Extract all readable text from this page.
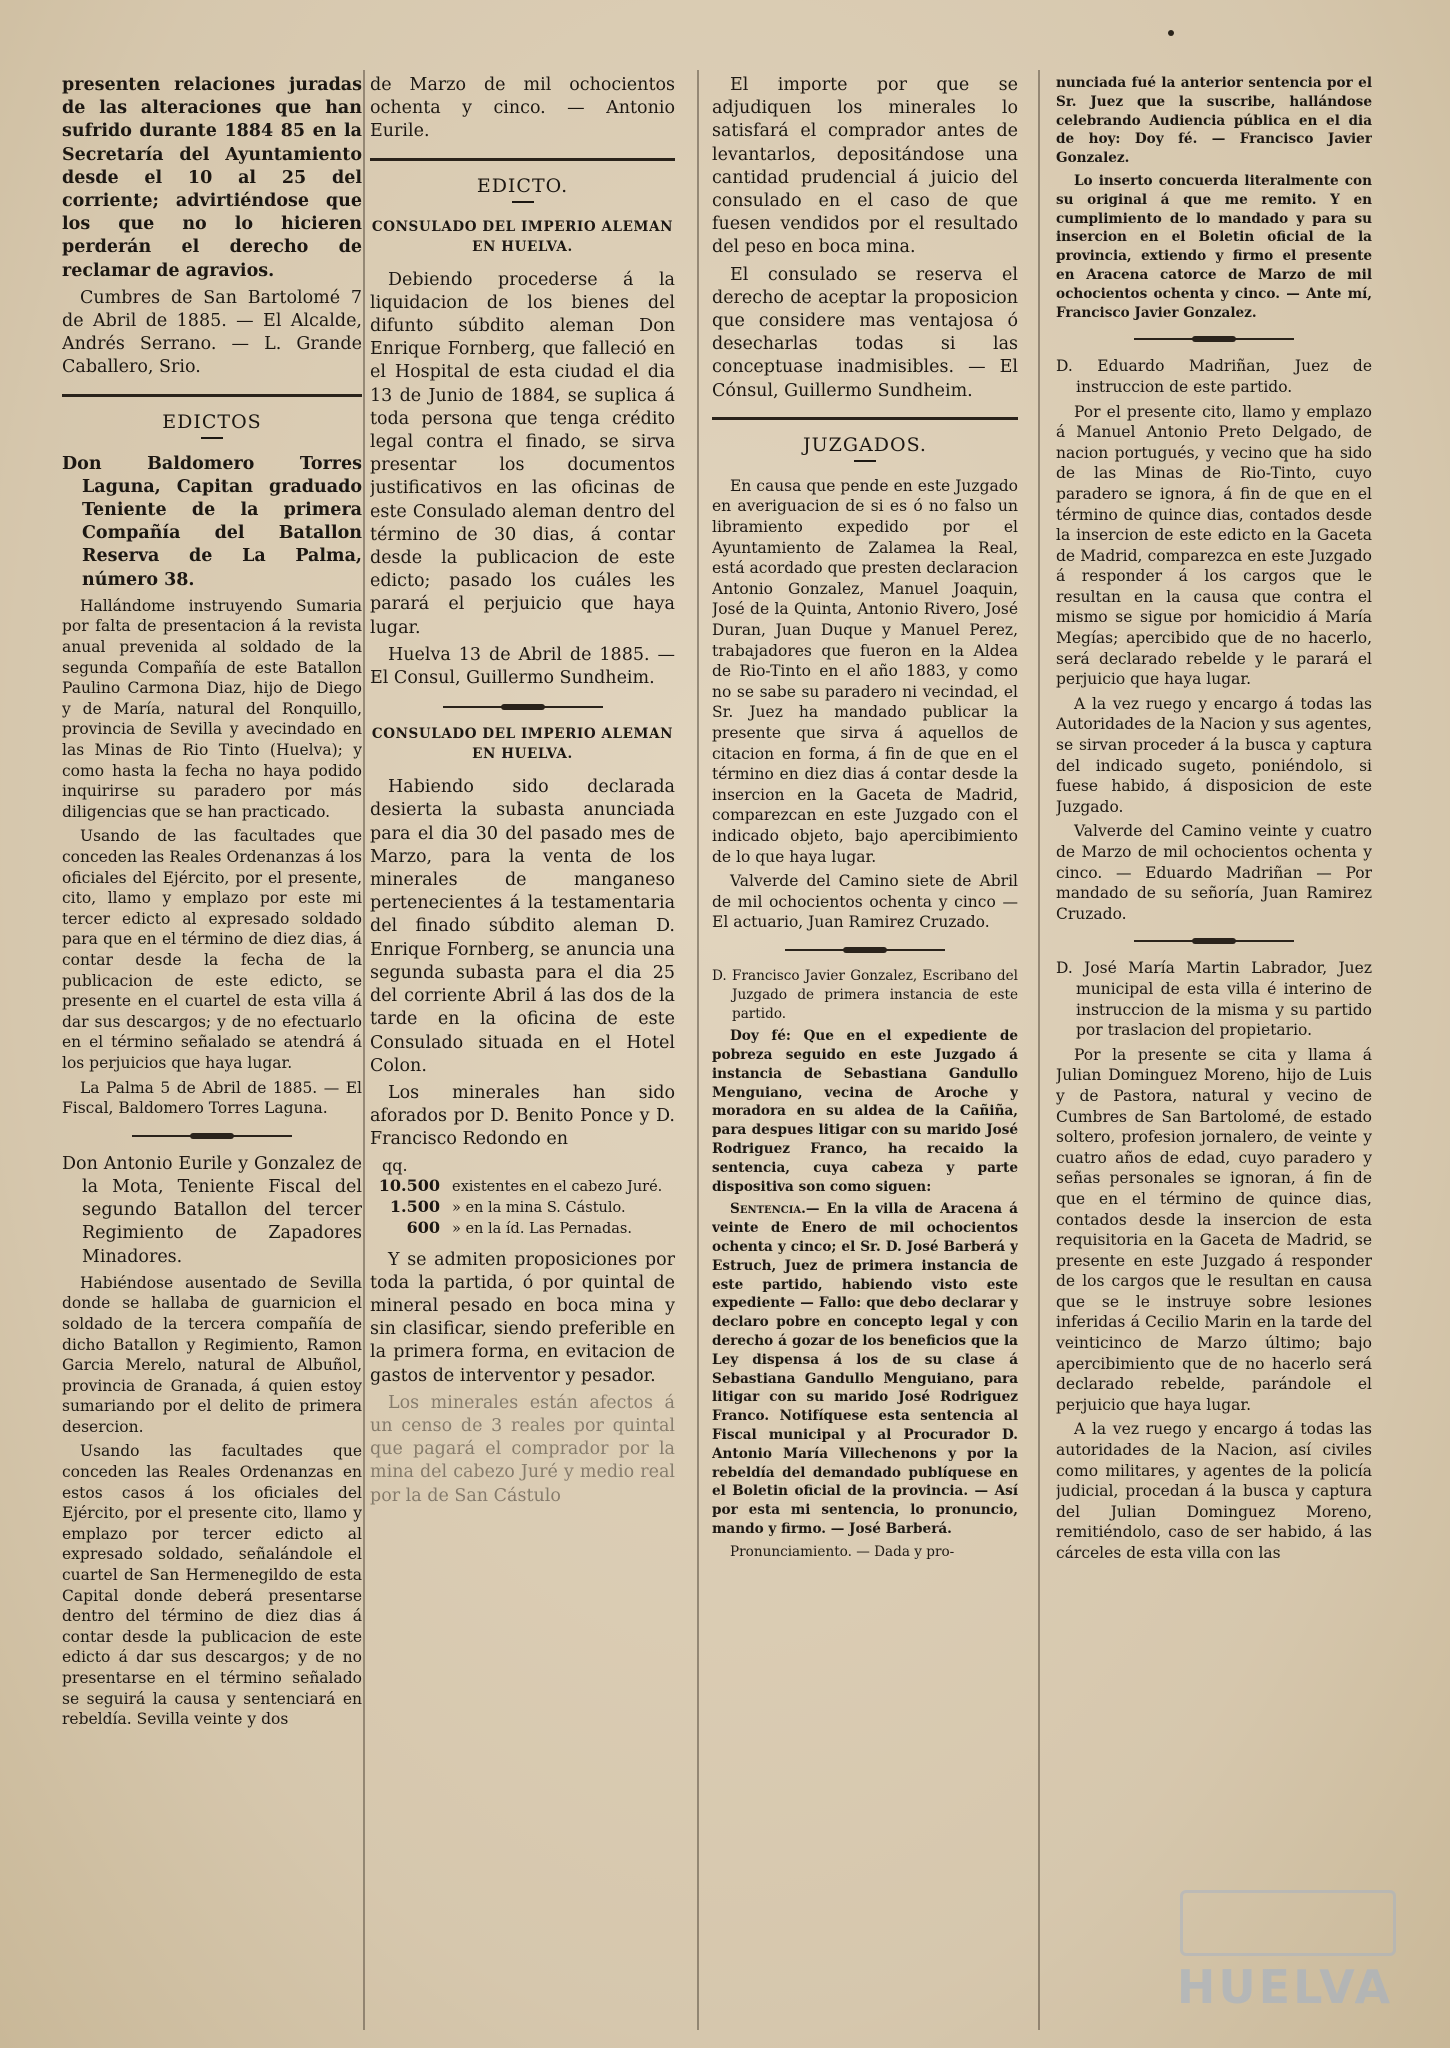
presenten relaciones juradas de las alteraciones que han sufrido durante 1884 85 en la Secretaría del Ayuntamiento desde el 10 al 25 del corriente; advirtiéndose que los que no lo hicieren perderán el derecho de reclamar de agravios.

Cumbres de San Bartolomé 7 de Abril de 1885. — El Alcalde, Andrés Serrano. — L. Grande Caballero, Srio.

EDICTOS

Don Baldomero Torres Laguna, Capitan graduado Teniente de la primera Compañía del Batallon Reserva de La Palma, número 38.

Hallándome instruyendo Sumaria por falta de presentacion á la revista anual prevenida al soldado de la segunda Compañía de este Batallon Paulino Carmona Diaz, hijo de Diego y de María, natural del Ronquillo, provincia de Sevilla y avecindado en las Minas de Rio Tinto (Huelva); y como hasta la fecha no haya podido inquirirse su paradero por más diligencias que se han practicado.

Usando de las facultades que conceden las Reales Ordenanzas á los oficiales del Ejército, por el presente, cito, llamo y emplazo por este mi tercer edicto al expresado soldado para que en el término de diez dias, á contar desde la fecha de la publicacion de este edicto, se presente en el cuartel de esta villa á dar sus descargos; y de no efectuarlo en el término señalado se atendrá á los perjuicios que haya lugar.

La Palma 5 de Abril de 1885. — El Fiscal, Baldomero Torres Laguna.

Don Antonio Eurile y Gonzalez de la Mota, Teniente Fiscal del segundo Batallon del tercer Regimiento de Zapadores Minadores.

Habiéndose ausentado de Sevilla donde se hallaba de guarnicion el soldado de la tercera compañía de dicho Batallon y Regimiento, Ramon Garcia Merelo, natural de Albuñol, provincia de Granada, á quien estoy sumariando por el delito de primera desercion.

Usando las facultades que conceden las Reales Ordenanzas en estos casos á los oficiales del Ejército, por el presente cito, llamo y emplazo por tercer edicto al expresado soldado, señalándole el cuartel de San Hermenegildo de esta Capital donde deberá presentarse dentro del término de diez dias á contar desde la publicacion de este edicto á dar sus descargos; y de no presentarse en el término señalado se seguirá la causa y sentenciará en rebeldía. Sevilla veinte y dos

de Marzo de mil ochocientos ochenta y cinco. — Antonio Eurile.

EDICTO.
CONSULADO DEL IMPERIO ALEMAN EN HUELVA.

Debiendo procederse á la liquidacion de los bienes del difunto súbdito aleman Don Enrique Fornberg, que falleció en el Hospital de esta ciudad el dia 13 de Junio de 1884, se suplica á toda persona que tenga crédito legal contra el finado, se sirva presentar los documentos justificativos en las oficinas de este Consulado aleman dentro del término de 30 dias, á contar desde la publicacion de este edicto; pasado los cuáles les parará el perjuicio que haya lugar.

Huelva 13 de Abril de 1885. — El Consul, Guillermo Sundheim.

CONSULADO DEL IMPERIO ALEMAN EN HUELVA.

Habiendo sido declarada desierta la subasta anunciada para el dia 30 del pasado mes de Marzo, para la venta de los minerales de manganeso pertenecientes á la testamentaria del finado súbdito aleman D. Enrique Fornberg, se anuncia una segunda subasta para el dia 25 del corriente Abril á las dos de la tarde en la oficina de este Consulado situada en el Hotel Colon.

Los minerales han sido aforados por D. Benito Ponce y D. Francisco Redondo en

qq.
10.500 existentes en el cabezo Juré.
1.500 » en la mina S. Cástulo.
600 » en la íd. Las Pernadas.

Y se admiten proposiciones por toda la partida, ó por quintal de mineral pesado en boca mina y sin clasificar, siendo preferible en la primera forma, en evitacion de gastos de interventor y pesador.

Los minerales están afectos á un censo de 3 reales por quintal que pagará el comprador por la mina del cabezo Juré y medio real por la de San Cástulo

El importe por que se adjudiquen los minerales lo satisfará el comprador antes de levantarlos, depositándose una cantidad prudencial á juicio del consulado en el caso de que fuesen vendidos por el resultado del peso en boca mina.

El consulado se reserva el derecho de aceptar la proposicion que considere mas ventajosa ó desecharlas todas si las conceptuase inadmisibles. — El Cónsul, Guillermo Sundheim.

JUZGADOS.

En causa que pende en este Juzgado en averiguacion de si es ó no falso un libramiento expedido por el Ayuntamiento de Zalamea la Real, está acordado que presten declaracion Antonio Gonzalez, Manuel Joaquin, José de la Quinta, Antonio Rivero, José Duran, Juan Duque y Manuel Perez, trabajadores que fueron en la Aldea de Rio-Tinto en el año 1883, y como no se sabe su paradero ni vecindad, el Sr. Juez ha mandado publicar la presente que sirva á aquellos de citacion en forma, á fin de que en el término en diez dias á contar desde la insercion en la Gaceta de Madrid, comparezcan en este Juzgado con el indicado objeto, bajo apercibimiento de lo que haya lugar.

Valverde del Camino siete de Abril de mil ochocientos ochenta y cinco — El actuario, Juan Ramirez Cruzado.

D. Francisco Javier Gonzalez, Escribano del Juzgado de primera instancia de este partido.

Doy fé: Que en el expediente de pobreza seguido en este Juzgado á instancia de Sebastiana Gandullo Menguiano, vecina de Aroche y moradora en su aldea de la Cañiña, para despues litigar con su marido José Rodriguez Franco, ha recaido la sentencia, cuya cabeza y parte dispositiva son como siguen:

Sentencia.— En la villa de Aracena á veinte de Enero de mil ochocientos ochenta y cinco; el Sr. D. José Barberá y Estruch, Juez de primera instancia de este partido, habiendo visto este expediente — Fallo: que debo declarar y declaro pobre en concepto legal y con derecho á gozar de los beneficios que la Ley dispensa á los de su clase á Sebastiana Gandullo Menguiano, para litigar con su marido José Rodriguez Franco. Notifíquese esta sentencia al Fiscal municipal y al Procurador D. Antonio María Villechenons y por la rebeldía del demandado publíquese en el Boletin oficial de la provincia. — Así por esta mi sentencia, lo pronuncio, mando y firmo. — José Barberá.

Pronunciamiento. — Dada y pro-

nunciada fué la anterior sentencia por el Sr. Juez que la suscribe, hallándose celebrando Audiencia pública en el dia de hoy: Doy fé. — Francisco Javier Gonzalez.

Lo inserto concuerda literalmente con su original á que me remito. Y en cumplimiento de lo mandado y para su insercion en el Boletin oficial de la provincia, extiendo y firmo el presente en Aracena catorce de Marzo de mil ochocientos ochenta y cinco. — Ante mí, Francisco Javier Gonzalez.

D. Eduardo Madriñan, Juez de instruccion de este partido.

Por el presente cito, llamo y emplazo á Manuel Antonio Preto Delgado, de nacion portugués, y vecino que ha sido de las Minas de Rio-Tinto, cuyo paradero se ignora, á fin de que en el término de quince dias, contados desde la insercion de este edicto en la Gaceta de Madrid, comparezca en este Juzgado á responder á los cargos que le resultan en la causa que contra el mismo se sigue por homicidio á María Megías; apercibido que de no hacerlo, será declarado rebelde y le parará el perjuicio que haya lugar.

A la vez ruego y encargo á todas las Autoridades de la Nacion y sus agentes, se sirvan proceder á la busca y captura del indicado sugeto, poniéndolo, si fuese habido, á disposicion de este Juzgado.

Valverde del Camino veinte y cuatro de Marzo de mil ochocientos ochenta y cinco. — Eduardo Madriñan — Por mandado de su señoría, Juan Ramirez Cruzado.

D. José María Martin Labrador, Juez municipal de esta villa é interino de instruccion de la misma y su partido por traslacion del propietario.

Por la presente se cita y llama á Julian Dominguez Moreno, hijo de Luis y de Pastora, natural y vecino de Cumbres de San Bartolomé, de estado soltero, profesion jornalero, de veinte y cuatro años de edad, cuyo paradero y señas personales se ignoran, á fin de que en el término de quince dias, contados desde la insercion de esta requisitoria en la Gaceta de Madrid, se presente en este Juzgado á responder de los cargos que le resultan en causa que se le instruye sobre lesiones inferidas á Cecilio Marin en la tarde del veinticinco de Marzo último; bajo apercibimiento que de no hacerlo será declarado rebelde, parándole el perjuicio que haya lugar.

A la vez ruego y encargo á todas las autoridades de la Nacion, así civiles como militares, y agentes de la policía judicial, procedan á la busca y captura del Julian Dominguez Moreno, remitiéndolo, caso de ser habido, á las cárceles de esta villa con las

HUELVA
